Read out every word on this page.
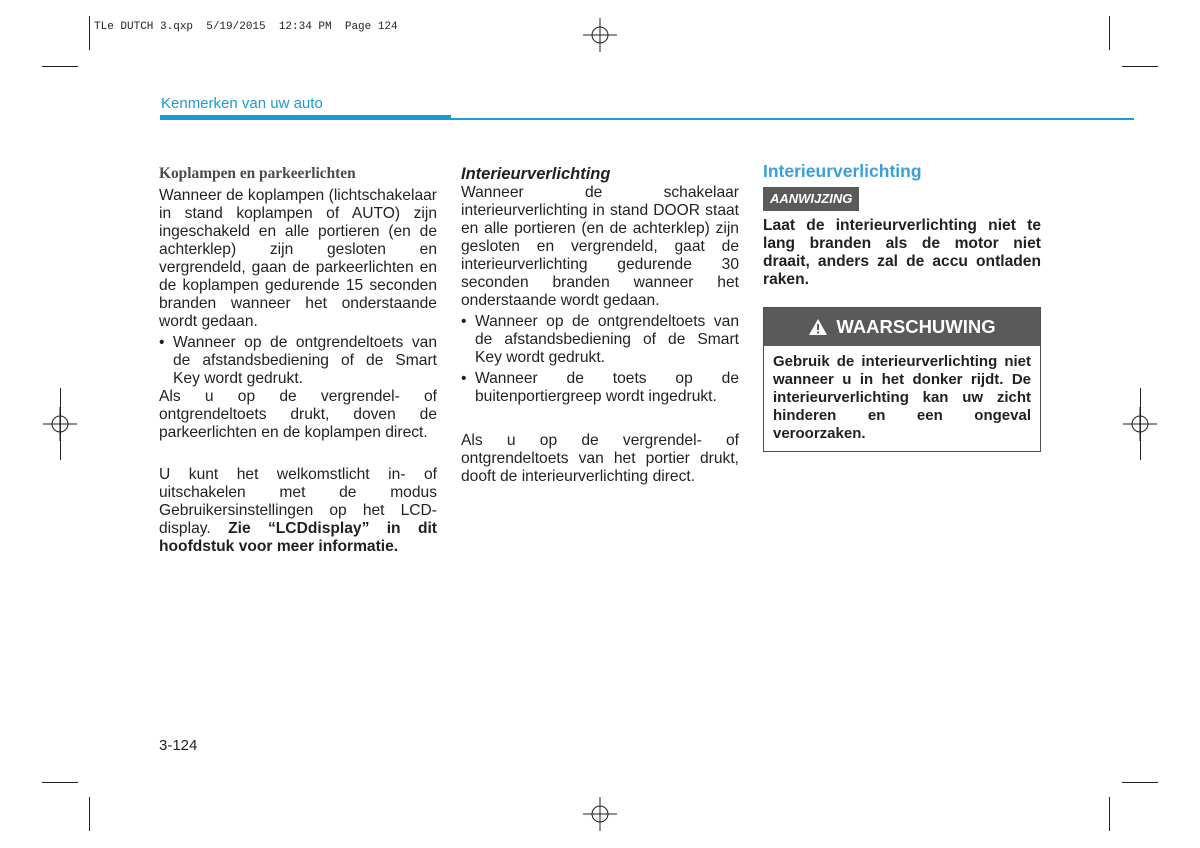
TLe DUTCH 3.qxp  5/19/2015  12:34 PM  Page 124
Kenmerken van uw auto

Koplampen en parkeerlichten

Wanneer de koplampen (lichtschakelaar in stand koplampen of AUTO) zijn ingeschakeld en alle portieren (en de achterklep) zijn gesloten en vergrendeld, gaan de parkeerlichten en de koplampen gedurende 15 seconden branden wanneer het onderstaande wordt gedaan.

• Wanneer op de ontgrendeltoets van de afstandsbediening of de Smart Key wordt gedrukt.

Als u op de vergrendel- of ontgrendeltoets drukt, doven de parkeerlichten en de koplampen direct.

U kunt het welkomstlicht in- of uitschakelen met de modus Gebruikersinstellingen op het LCD-display. Zie “LCDdisplay” in dit hoofdstuk voor meer informatie.

Interieurverlichting

Wanneer de schakelaar interieurverlichting in stand DOOR staat en alle portieren (en de achterklep) zijn gesloten en vergrendeld, gaat de interieurverlichting gedurende 30 seconden branden wanneer het onderstaande wordt gedaan.

• Wanneer op de ontgrendeltoets van de afstandsbediening of de Smart Key wordt gedrukt.

• Wanneer de toets op de buitenportiergreep wordt ingedrukt.

Als u op de vergrendel- of ontgrendeltoets van het portier drukt, dooft de interieurverlichting direct.

Interieurverlichting

AANWIJZING

Laat de interieurverlichting niet te lang branden als de motor niet draait, anders zal de accu ontladen raken.

WAARSCHUWING
Gebruik de interieurverlichting niet wanneer u in het donker rijdt. De interieurverlichting kan uw zicht hinderen en een ongeval veroorzaken.
3-124
